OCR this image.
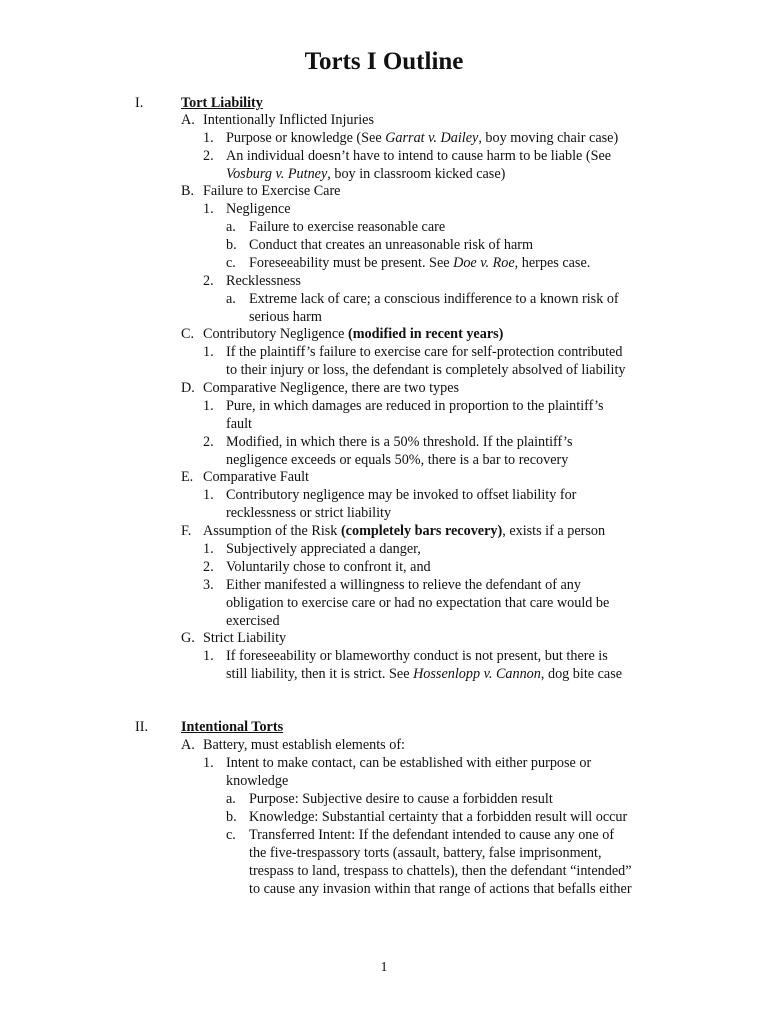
Torts I Outline
I.	Tort Liability
A. Intentionally Inflicted Injuries
1. Purpose or knowledge (See Garrat v. Dailey, boy moving chair case)
2. An individual doesn’t have to intend to cause harm to be liable (See
Vosburg v. Putney, boy in classroom kicked case)
B. Failure to Exercise Care
1. Negligence
a. Failure to exercise reasonable care
b. Conduct that creates an unreasonable risk of harm
c. Foreseeability must be present. See Doe v. Roe, herpes case.
2. Recklessness
a. Extreme lack of care; a conscious indifference to a known risk of
serious harm
C. Contributory Negligence (modified in recent years)
1. If the plaintiff’s failure to exercise care for self-protection contributed
to their injury or loss, the defendant is completely absolved of liability
D. Comparative Negligence, there are two types
1. Pure, in which damages are reduced in proportion to the plaintiff’s
fault
2. Modified, in which there is a 50% threshold. If the plaintiff’s
negligence exceeds or equals 50%, there is a bar to recovery
E. Comparative Fault
1. Contributory negligence may be invoked to offset liability for
recklessness or strict liability
F. Assumption of the Risk (completely bars recovery), exists if a person
1. Subjectively appreciated a danger,
2. Voluntarily chose to confront it, and
3. Either manifested a willingness to relieve the defendant of any
obligation to exercise care or had no expectation that care would be
exercised
G. Strict Liability
1. If foreseeability or blameworthy conduct is not present, but there is
still liability, then it is strict. See Hossenlopp v. Cannon, dog bite case
II. Intentional Torts
A. Battery, must establish elements of:
1. Intent to make contact, can be established with either purpose or
knowledge
a. Purpose: Subjective desire to cause a forbidden result
b. Knowledge: Substantial certainty that a forbidden result will occur
c. Transferred Intent: If the defendant intended to cause any one of
the five-trespassory torts (assault, battery, false imprisonment,
trespass to land, trespass to chattels), then the defendant “intended”
to cause any invasion within that range of actions that befalls either
1
